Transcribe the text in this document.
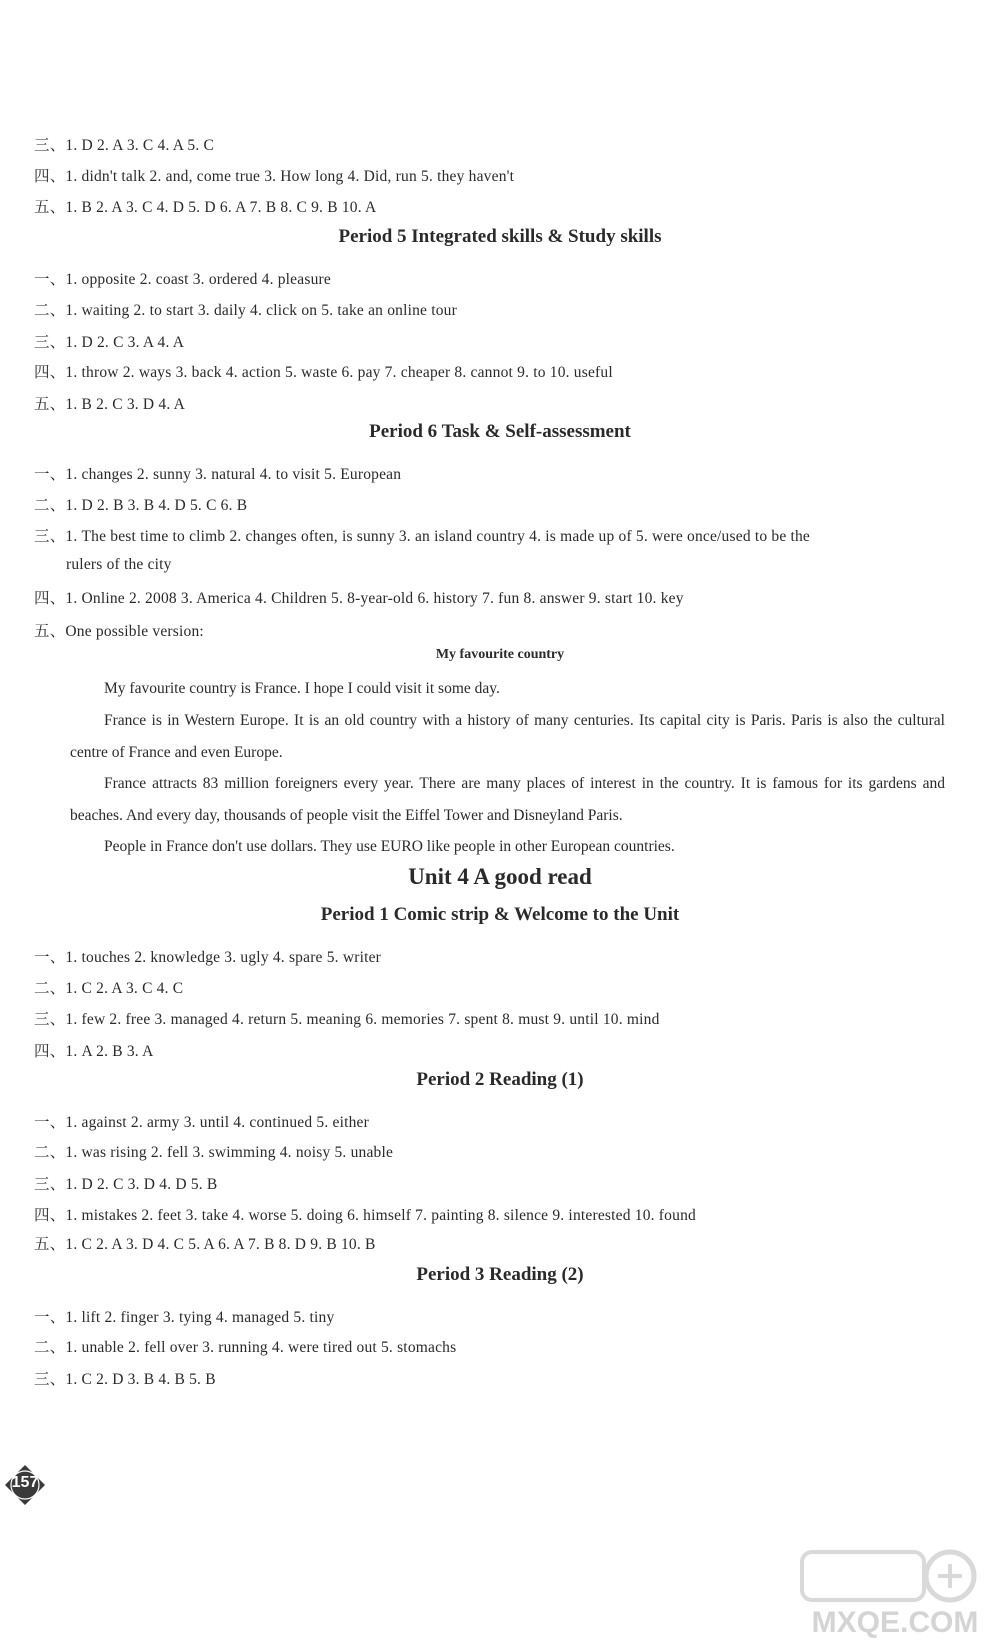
三、1. D 2. A 3. C 4. A 5. C
四、1. didn't talk 2. and, come true 3. How long 4. Did, run 5. they haven't
五、1. B 2. A 3. C 4. D 5. D 6. A 7. B 8. C 9. B 10. A
Period 5 Integrated skills & Study skills
一、1. opposite 2. coast 3. ordered 4. pleasure
二、1. waiting 2. to start 3. daily 4. click on 5. take an online tour
三、1. D 2. C 3. A 4. A
四、1. throw 2. ways 3. back 4. action 5. waste 6. pay 7. cheaper 8. cannot 9. to 10. useful
五、1. B 2. C 3. D 4. A
Period 6 Task & Self-assessment
一、1. changes 2. sunny 3. natural 4. to visit 5. European
二、1. D 2. B 3. B 4. D 5. C 6. B
三、1. The best time to climb 2. changes often, is sunny 3. an island country 4. is made up of 5. were once/used to be the
rulers of the city
四、1. Online 2. 2008 3. America 4. Children 5. 8-year-old 6. history 7. fun 8. answer 9. start 10. key
五、One possible version:
My favourite country
My favourite country is France. I hope I could visit it some day.
France is in Western Europe. It is an old country with a history of many centuries. Its capital city is Paris. Paris is also the cultural centre of France and even Europe.
France attracts 83 million foreigners every year. There are many places of interest in the country. It is famous for its gardens and beaches. And every day, thousands of people visit the Eiffel Tower and Disneyland Paris.
People in France don't use dollars. They use EURO like people in other European countries.
Unit 4 A good read
Period 1 Comic strip & Welcome to the Unit
一、1. touches 2. knowledge 3. ugly 4. spare 5. writer
二、1. C 2. A 3. C 4. C
三、1. few 2. free 3. managed 4. return 5. meaning 6. memories 7. spent 8. must 9. until 10. mind
四、1. A 2. B 3. A
Period 2 Reading (1)
一、1. against 2. army 3. until 4. continued 5. either
二、1. was rising 2. fell 3. swimming 4. noisy 5. unable
三、1. D 2. C 3. D 4. D 5. B
四、1. mistakes 2. feet 3. take 4. worse 5. doing 6. himself 7. painting 8. silence 9. interested 10. found
五、1. C 2. A 3. D 4. C 5. A 6. A 7. B 8. D 9. B 10. B
Period 3 Reading (2)
一、1. lift 2. finger 3. tying 4. managed 5. tiny
二、1. unable 2. fell over 3. running 4. were tired out 5. stomachs
三、1. C 2. D 3. B 4. B 5. B
157
MXQE.COM
